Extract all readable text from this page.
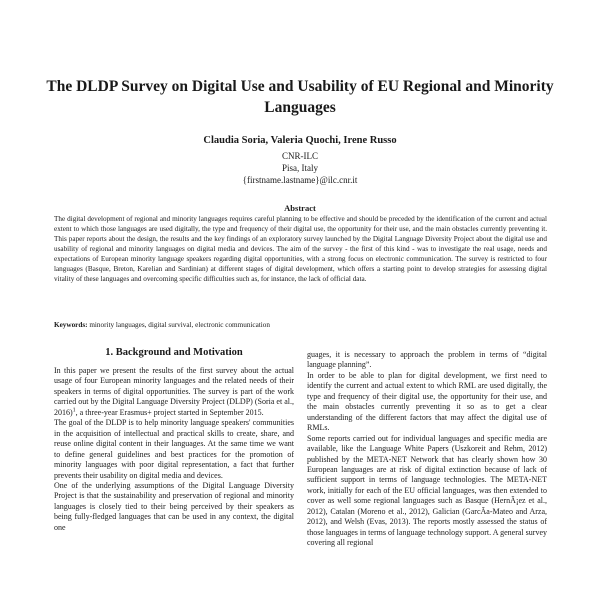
The DLDP Survey on Digital Use and Usability of EU Regional and Minority Languages
Claudia Soria, Valeria Quochi, Irene Russo
CNR-ILC
Pisa, Italy
{firstname.lastname}@ilc.cnr.it
Abstract
The digital development of regional and minority languages requires careful planning to be effective and should be preceded by the identification of the current and actual extent to which those languages are used digitally, the type and frequency of their digital use, the opportunity for their use, and the main obstacles currently preventing it. This paper reports about the design, the results and the key findings of an exploratory survey launched by the Digital Language Diversity Project about the digital use and usability of regional and minority languages on digital media and devices. The aim of the survey - the first of this kind - was to investigate the real usage, needs and expectations of European minority language speakers regarding digital opportunities, with a strong focus on electronic communication. The survey is restricted to four languages (Basque, Breton, Karelian and Sardinian) at different stages of digital development, which offers a starting point to develop strategies for assessing digital vitality of these languages and overcoming specific difficulties such as, for instance, the lack of official data.
Keywords: minority languages, digital survival, electronic communication
1. Background and Motivation

In this paper we present the results of the first survey about the actual usage of four European minority languages and the related needs of their speakers in terms of digital opportunities. The survey is part of the work carried out by the Digital Language Diversity Project (DLDP) (Soria et al., 2016)$^1$, a three-year Erasmus+ project started in September 2015.

The goal of the DLDP is to help minority language speakers' communities in the acquisition of intellectual and practical skills to create, share, and reuse online digital content in their languages. At the same time we want to define general guidelines and best practices for the promotion of minority languages with poor digital representation, a fact that further prevents their usability on digital media and devices.

One of the underlying assumptions of the Digital Language Diversity Project is that the sustainability and preservation of regional and minority languages is closely tied to their being perceived by their speakers as being fully-fledged languages that can be used in any context, the digital one

guages, it is necessary to approach the problem in terms of “digital language planning”.

In order to be able to plan for digital development, we first need to identify the current and actual extent to which RML are used digitally, the type and frequency of their digital use, the opportunity for their use, and the main obstacles currently preventing it so as to get a clear understanding of the different factors that may affect the digital use of RMLs.

Some reports carried out for individual languages and specific media are available, like the Language White Papers (Uszkoreit and Rehm, 2012) published by the META-NET Network that has clearly shown how 30 European languages are at risk of digital extinction because of lack of sufficient support in terms of language technologies. The META-NET work, initially for each of the EU official languages, was then extended to cover as well some regional languages such as Basque (HernÃ¡ez et al., 2012), Catalan (Moreno et al., 2012), Galician (GarcÃa-Mateo and Arza, 2012), and Welsh (Evas, 2013). The reports mostly assessed the status of those languages in terms of language technology support. A general survey covering all regional
